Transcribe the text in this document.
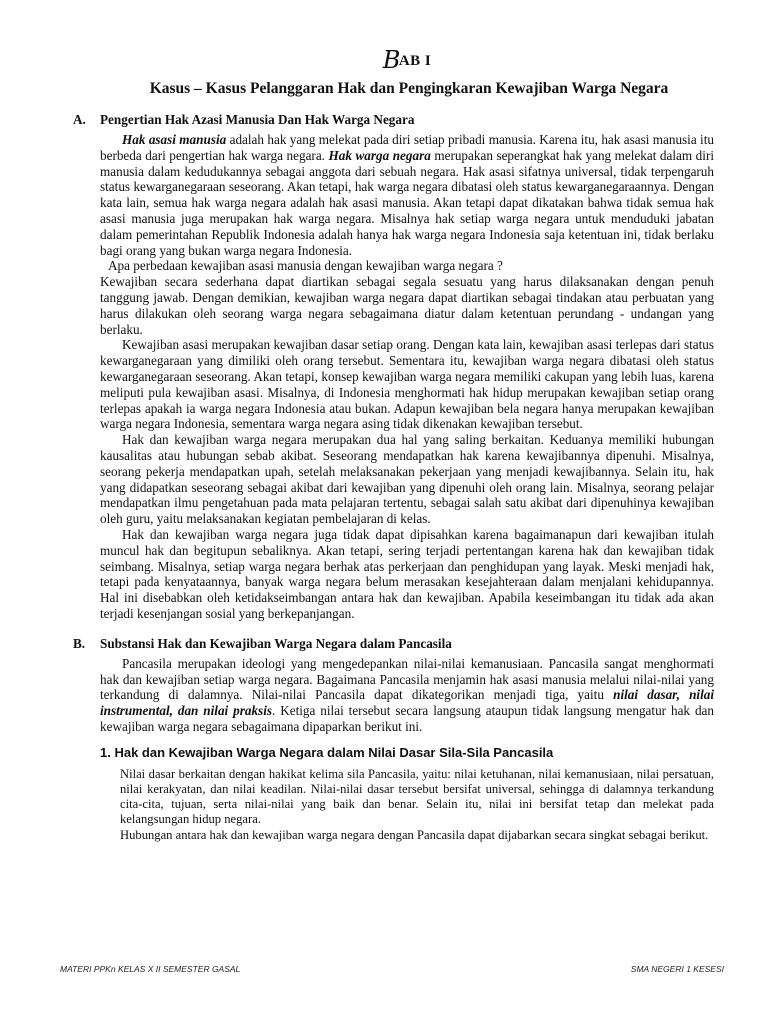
BAB I
Kasus – Kasus Pelanggaran Hak dan Pengingkaran Kewajiban Warga Negara
A.	Pengertian Hak Azasi Manusia Dan Hak Warga Negara

Hak asasi manusia adalah hak yang melekat pada diri setiap pribadi manusia. Karena itu, hak asasi manusia itu berbeda dari pengertian hak warga negara. Hak warga negara merupakan seperangkat hak yang melekat dalam diri manusia dalam kedudukannya sebagai anggota dari sebuah negara. Hak asasi sifatnya universal, tidak terpengaruh status kewarganegaraan seseorang. Akan tetapi, hak warga negara dibatasi oleh status kewarganegaraannya. Dengan kata lain, semua hak warga negara adalah hak asasi manusia. Akan tetapi dapat dikatakan bahwa tidak semua hak asasi manusia juga merupakan hak warga negara. Misalnya hak setiap warga negara untuk menduduki jabatan dalam pemerintahan Republik Indonesia adalah hanya hak warga negara Indonesia saja ketentuan ini, tidak berlaku bagi orang yang bukan warga negara Indonesia.

Apa perbedaan kewajiban asasi manusia dengan kewajiban warga negara ?

Kewajiban secara sederhana dapat diartikan sebagai segala sesuatu yang harus dilaksanakan dengan penuh tanggung jawab. Dengan demikian, kewajiban warga negara dapat diartikan sebagai tindakan atau perbuatan yang harus dilakukan oleh seorang warga negara sebagaimana diatur dalam ketentuan perundang - undangan yang berlaku.

Kewajiban asasi merupakan kewajiban dasar setiap orang. Dengan kata lain, kewajiban asasi terlepas dari status kewarganegaraan yang dimiliki oleh orang tersebut. Sementara itu, kewajiban warga negara dibatasi oleh status kewarganegaraan seseorang. Akan tetapi, konsep kewajiban warga negara memiliki cakupan yang lebih luas, karena meliputi pula kewajiban asasi. Misalnya, di Indonesia menghormati hak hidup merupakan kewajiban setiap orang terlepas apakah ia warga negara Indonesia atau bukan. Adapun kewajiban bela negara hanya merupakan kewajiban warga negara Indonesia, sementara warga negara asing tidak dikenakan kewajiban tersebut.

Hak dan kewajiban warga negara merupakan dua hal yang saling berkaitan. Keduanya memiliki hubungan kausalitas atau hubungan sebab akibat. Seseorang mendapatkan hak karena kewajibannya dipenuhi. Misalnya, seorang pekerja mendapatkan upah, setelah melaksanakan pekerjaan yang menjadi kewajibannya. Selain itu, hak yang didapatkan seseorang sebagai akibat dari kewajiban yang dipenuhi oleh orang lain. Misalnya, seorang pelajar mendapatkan ilmu pengetahuan pada mata pelajaran tertentu, sebagai salah satu akibat dari dipenuhinya kewajiban oleh guru, yaitu melaksanakan kegiatan pembelajaran di kelas.

Hak dan kewajiban warga negara juga tidak dapat dipisahkan karena bagaimanapun dari kewajiban itulah muncul hak dan begitupun sebaliknya. Akan tetapi, sering terjadi pertentangan karena hak dan kewajiban tidak seimbang. Misalnya, setiap warga negara berhak atas perkerjaan dan penghidupan yang layak. Meski menjadi hak, tetapi pada kenyataannya, banyak warga negara belum merasakan kesejahteraan dalam menjalani kehidupannya. Hal ini disebabkan oleh ketidakseimbangan antara hak dan kewajiban. Apabila keseimbangan itu tidak ada akan terjadi kesenjangan sosial yang berkepanjangan.

B.	Substansi Hak dan Kewajiban Warga Negara dalam Pancasila

Pancasila merupakan ideologi yang mengedepankan nilai-nilai kemanusiaan. Pancasila sangat menghormati hak dan kewajiban setiap warga negara. Bagaimana Pancasila menjamin hak asasi manusia melalui nilai-nilai yang terkandung di dalamnya. Nilai-nilai Pancasila dapat dikategorikan menjadi tiga, yaitu nilai dasar, nilai instrumental, dan nilai praksis. Ketiga nilai tersebut secara langsung ataupun tidak langsung mengatur hak dan kewajiban warga negara sebagaimana dipaparkan berikut ini.

1. Hak dan Kewajiban Warga Negara dalam Nilai Dasar Sila-Sila Pancasila

Nilai dasar berkaitan dengan hakikat kelima sila Pancasila, yaitu: nilai ketuhanan, nilai kemanusiaan, nilai persatuan, nilai kerakyatan, dan nilai keadilan. Nilai-nilai dasar tersebut bersifat universal, sehingga di dalamnya terkandung cita-cita, tujuan, serta nilai-nilai yang baik dan benar. Selain itu, nilai ini bersifat tetap dan melekat pada kelangsungan hidup negara.

Hubungan antara hak dan kewajiban warga negara dengan Pancasila dapat dijabarkan secara singkat sebagai berikut.

MATERI PPKn KELAS X II SEMESTER GASAL	SMA NEGERI 1 KESESI
